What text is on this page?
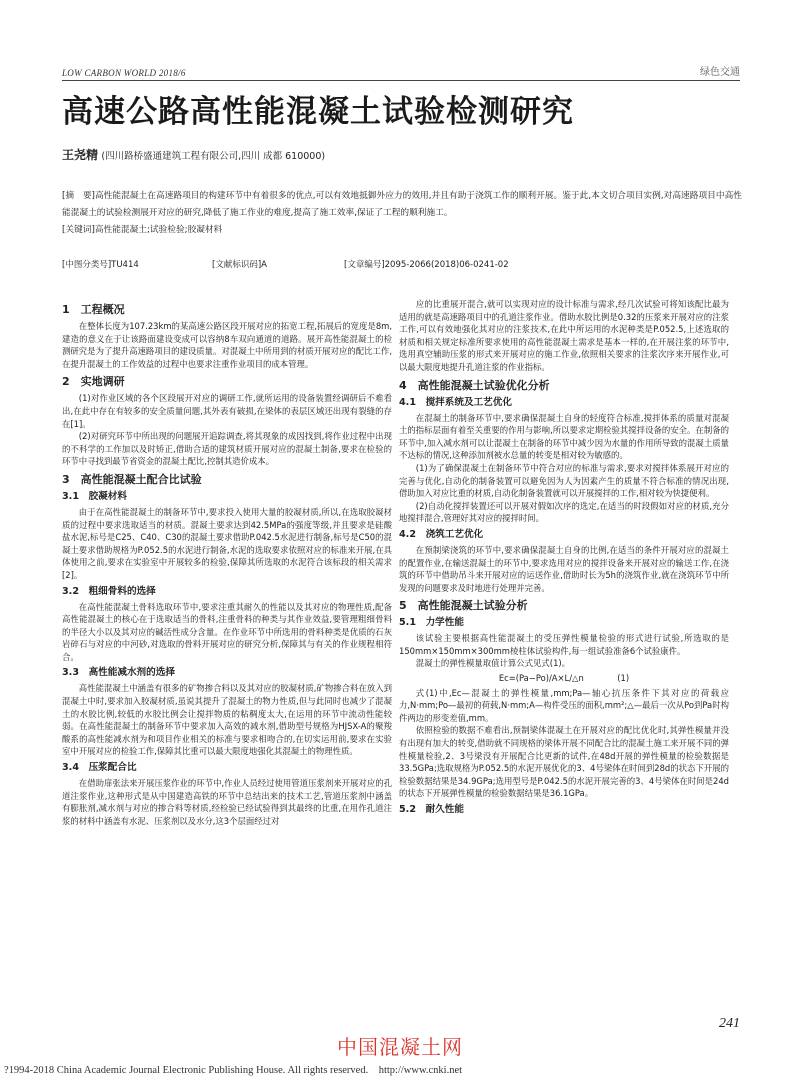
LOW CARBON WORLD 2018/6	绿色交通
高速公路高性能混凝土试验检测研究
王尧精 (四川路桥盛通建筑工程有限公司,四川 成都 610000)
[摘　要]高性能混凝土在高速路项目的构建环节中有着很多的优点,可以有效地抵御外应力的效用,并且有助于浇筑工作的顺利开展。鉴于此,本文切合项目实例,对高速路项目中高性能混凝土的试验检测展开对应的研究,降低了施工作业的难度,提高了施工效率,保证了工程的顺利施工。
[关键词]高性能混凝土;试验检验;胶凝材料
[中图分类号]TU414	[文献标识码]A	[文章编号]2095-2066(2018)06-0241-02
1　工程概况

在整体长度为107.23km的某高速公路区段开展对应的拓宽工程,拓展后的宽度是8m,建造的意义在于让该路面建设变成可以容纳8车双向通道的道路。展开高性能混凝土的检测研究是为了提升高速路项目的建设质量。对混凝土中所用到的材质开展对应的配比工作,在提升混凝土的工作效益的过程中也要求注重作业项目的成本管理。

2　实地调研

(1)对作业区域的各个区段展开对应的调研工作,就所运用的设备装置经调研后不难看出,在此中存在有较多的安全质量问题,其外表有破损,在梁体的表层区域还出现有裂缝的存在[1]。

(2)对研究环节中所出现的问题展开追踪调查,将其现象的成因找到,将作业过程中出现的不科学的工作加以及时矫正,借助合适的建筑材质开展对应的混凝土制备,要求在检验的环节中寻找到最节省资金的混凝土配比,控制其造价成本。

3　高性能混凝土配合比试验
3.1　胶凝材料

由于在高性能混凝土的制备环节中,要求投入使用大量的胶凝材质,所以,在选取胶凝材质的过程中要求选取适当的材质。混凝土要求达到42.5MPa的强度等级,并且要求是硅酸盐水泥,标号是C25、C40、C30的混凝土要求借助P.042.5水泥进行制备,标号是C50的混凝土要求借助规格为P.052.5的水泥进行制备,水泥的选取要求依照对应的标准来开展,在具体使用之前,要求在实验室中开展较多的检验,保障其所选取的水泥符合该标段的相关需求[2]。

3.2　粗细骨料的选择

在高性能混凝土骨料选取环节中,要求注重其耐久的性能以及其对应的物理性质,配备高性能混凝土的核心在于选取适当的骨料,注重骨料的种类与其作业效益,要管理粗细骨料的半径大小以及其对应的碱活性成分含量。在作业环节中所选用的骨料种类是优质的石灰岩碎石与对应的中河砂,对选取的骨料开展对应的研究分析,保障其与有关的作业规程相符合。

3.3　高性能减水剂的选择

高性能混凝土中涵盖有很多的矿物掺合料以及其对应的胶凝材质,矿物掺合料在放入到混凝土中时,要求加入胶凝材质,虽说其提升了混凝土的物力性质,但与此同时也减少了混凝土的水胶比例,较低的水胶比例会让搅拌物质的粘稠度太大,在运用的环节中流动性能较弱。在高性能混凝土的制备环节中要求加入高效的减水剂,借助型号规格为HJSX-A的聚羧酸系的高性能减水剂为和项目作业相关的标准与要求相吻合的,在切实运用前,要求在实验室中开展对应的检验工作,保障其比重可以最大限度地强化其混凝土的物理性质。

3.4　压浆配合比

在借助扉张法来开展压浆作业的环节中,作业人员经过使用管道压浆剂来开展对应的孔道注浆作业,这种形式是从中国建造高铁的环节中总结出来的技术工艺,管道压浆剂中涵盖有膨胀剂,减水剂与对应的掺合料等材质,经检验已经试验得到其最终的比重,在用作孔道注浆的材料中涵盖有水泥、压浆剂以及水分,这3个层面经过对

应的比重展开混合,就可以实现对应的设计标准与需求,经几次试验可将知该配比最为适用的就是高速路项目中的孔道注浆作业。借助水胶比例是0.32的压浆来开展对应的注浆工作,可以有效地强化其对应的注浆技术,在此中所运用的水泥种类是P.052.5,上述选取的材质和相关规定标准所要求使用的高性能混凝土需求是基本一样的,在开展注浆的环节中,选用真空辅助压浆的形式来开展对应的施工作业,依照相关要求的注浆次序来开展作业,可以最大限度地提升孔道注浆的作业指标。

4　高性能混凝土试验优化分析
4.1　搅拌系统及工艺优化

在混凝土的制备环节中,要求确保混凝土自身的轻度符合标准,搅拌体系的质量对混凝土的指标层面有着至关重要的作用与影响,所以要求定期检验其搅拌设备的安全。在制备的环节中,加入减水剂可以让混凝土在制备的环节中减少因为水量的作用所导致的混凝土质量不达标的情况,这种添加剂被水总量的转变是相对较为敏感的。

(1)为了确保混凝土在制备环节中符合对应的标准与需求,要求对搅拌体系展开对应的完善与优化,自动化的制备装置可以避免因为人为因素产生的质量不符合标准的情况出现,借助加入对应比重的材质,自动化制备装置就可以开展搅拌的工作,相对较为快捷便利。

(2)自动化搅拌装置还可以开展对假如次序的选定,在适当的时段假如对应的材质,充分地搅拌混合,管理好其对应的搅拌时间。

4.2　浇筑工艺优化

在预制梁浇筑的环节中,要求确保混凝土自身的比例,在适当的条件开展对应的混凝土的配置作业,在输送混凝土的环节中,要求选用对应的搅拌设备来开展对应的输送工作,在浇筑的环节中借助吊斗来开展对应的运送作业,借助时长为5h的浇筑作业,就在浇筑环节中所发现的问题要求及时地进行处理并完善。

5　高性能混凝土试验分析
5.1　力学性能

该试验主要根据高性能混凝土的受压弹性模量检验的形式进行试验,所选取的是150mm×150mm×300mm棱柱体试验构件,每一组试验准备6个试验康件。

混凝土的弹性模量取值计算公式见式(1)。

Ec=(Pa−Po)/A×L/△n　　　　(1)

式(1)中,Ec—混凝土的弹性模量,mm;Pa—轴心抗压条件下其对应的荷载应力,N·mm;Po—最初的荷载,N·mm;A—构件受压的面积,mm²;△—最后一次从Po到Pa时构件两边的形变差值,mm。

依照检验的数据不难看出,预制梁体混凝土在开展对应的配比优化时,其弹性模量并没有出现有加大的转变,借助就不同规格的梁体开展不同配合比的混凝土施工来开展不同的弹性模量检验,2、3号梁没有开展配合比更新的试件,在48d开展的弹性模量的检验数据是33.5GPa;选取规格为P.052.5的水泥开展优化的3、4号梁体在时间到28d的状态下开展的检验数据结果是34.9GPa;选用型号是P.042.5的水泥开展完善的3、4号梁体在时间是24d的状态下开展弹性模量的检验数据结果是36.1GPa。

5.2　耐久性能
241
中国混凝土网
?1994-2018 China Academic Journal Electronic Publishing House. All rights reserved.　http://www.cnki.net
